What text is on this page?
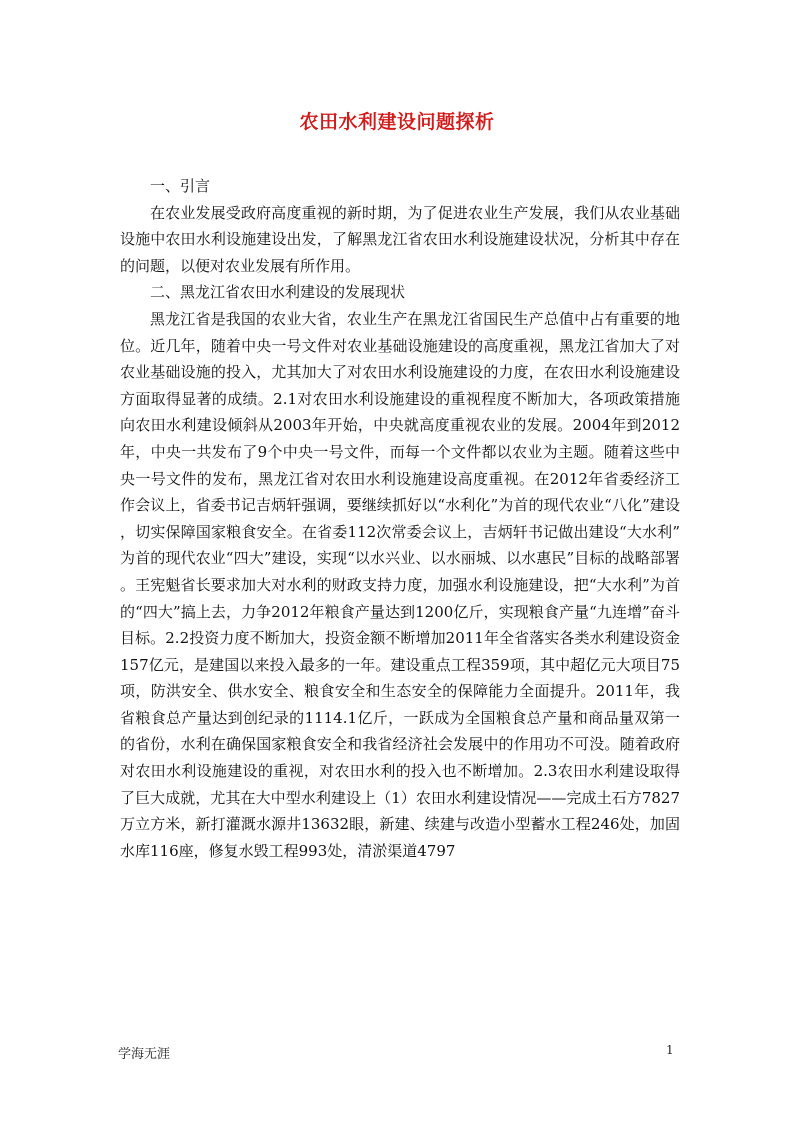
农田水利建设问题探析

一、引言

在农业发展受政府高度重视的新时期，为了促进农业生产发展，我们从农业基础设施中农田水利设施建设出发，了解黑龙江省农田水利设施建设状况，分析其中存在的问题，以便对农业发展有所作用。

二、黑龙江省农田水利建设的发展现状

黑龙江省是我国的农业大省，农业生产在黑龙江省国民生产总值中占有重要的地位。近几年，随着中央一号文件对农业基础设施建设的高度重视，黑龙江省加大了对农业基础设施的投入，尤其加大了对农田水利设施建设的力度，在农田水利设施建设方面取得显著的成绩。2.1对农田水利设施建设的重视程度不断加大，各项政策措施向农田水利建设倾斜从2003年开始，中央就高度重视农业的发展。2004年到2012年，中央一共发布了9个中央一号文件，而每一个文件都以农业为主题。随着这些中央一号文件的发布，黑龙江省对农田水利设施建设高度重视。在2012年省委经济工作会议上，省委书记吉炳轩强调，要继续抓好以“水利化”为首的现代农业“八化”建设，切实保障国家粮食安全。在省委112次常委会议上，吉炳轩书记做出建设“大水利”为首的现代农业“四大”建设，实现“以水兴业、以水丽城、以水惠民”目标的战略部署。王宪魁省长要求加大对水利的财政支持力度，加强水利设施建设，把“大水利”为首的“四大”搞上去，力争2012年粮食产量达到1200亿斤，实现粮食产量“九连增”奋斗目标。2.2投资力度不断加大，投资金额不断增加2011年全省落实各类水利建设资金157亿元，是建国以来投入最多的一年。建设重点工程359项，其中超亿元大项目75项，防洪安全、供水安全、粮食安全和生态安全的保障能力全面提升。2011年，我省粮食总产量达到创纪录的1114.1亿斤，一跃成为全国粮食总产量和商品量双第一的省份，水利在确保国家粮食安全和我省经济社会发展中的作用功不可没。随着政府对农田水利设施建设的重视，对农田水利的投入也不断增加。2.3农田水利建设取得了巨大成就，尤其在大中型水利建设上（1）农田水利建设情况——完成土石方7827万立方米，新打灌溉水源井13632眼，新建、续建与改造小型蓄水工程246处，加固水库116座，修复水毁工程993处，清淤渠道4797

学海无涯	1
